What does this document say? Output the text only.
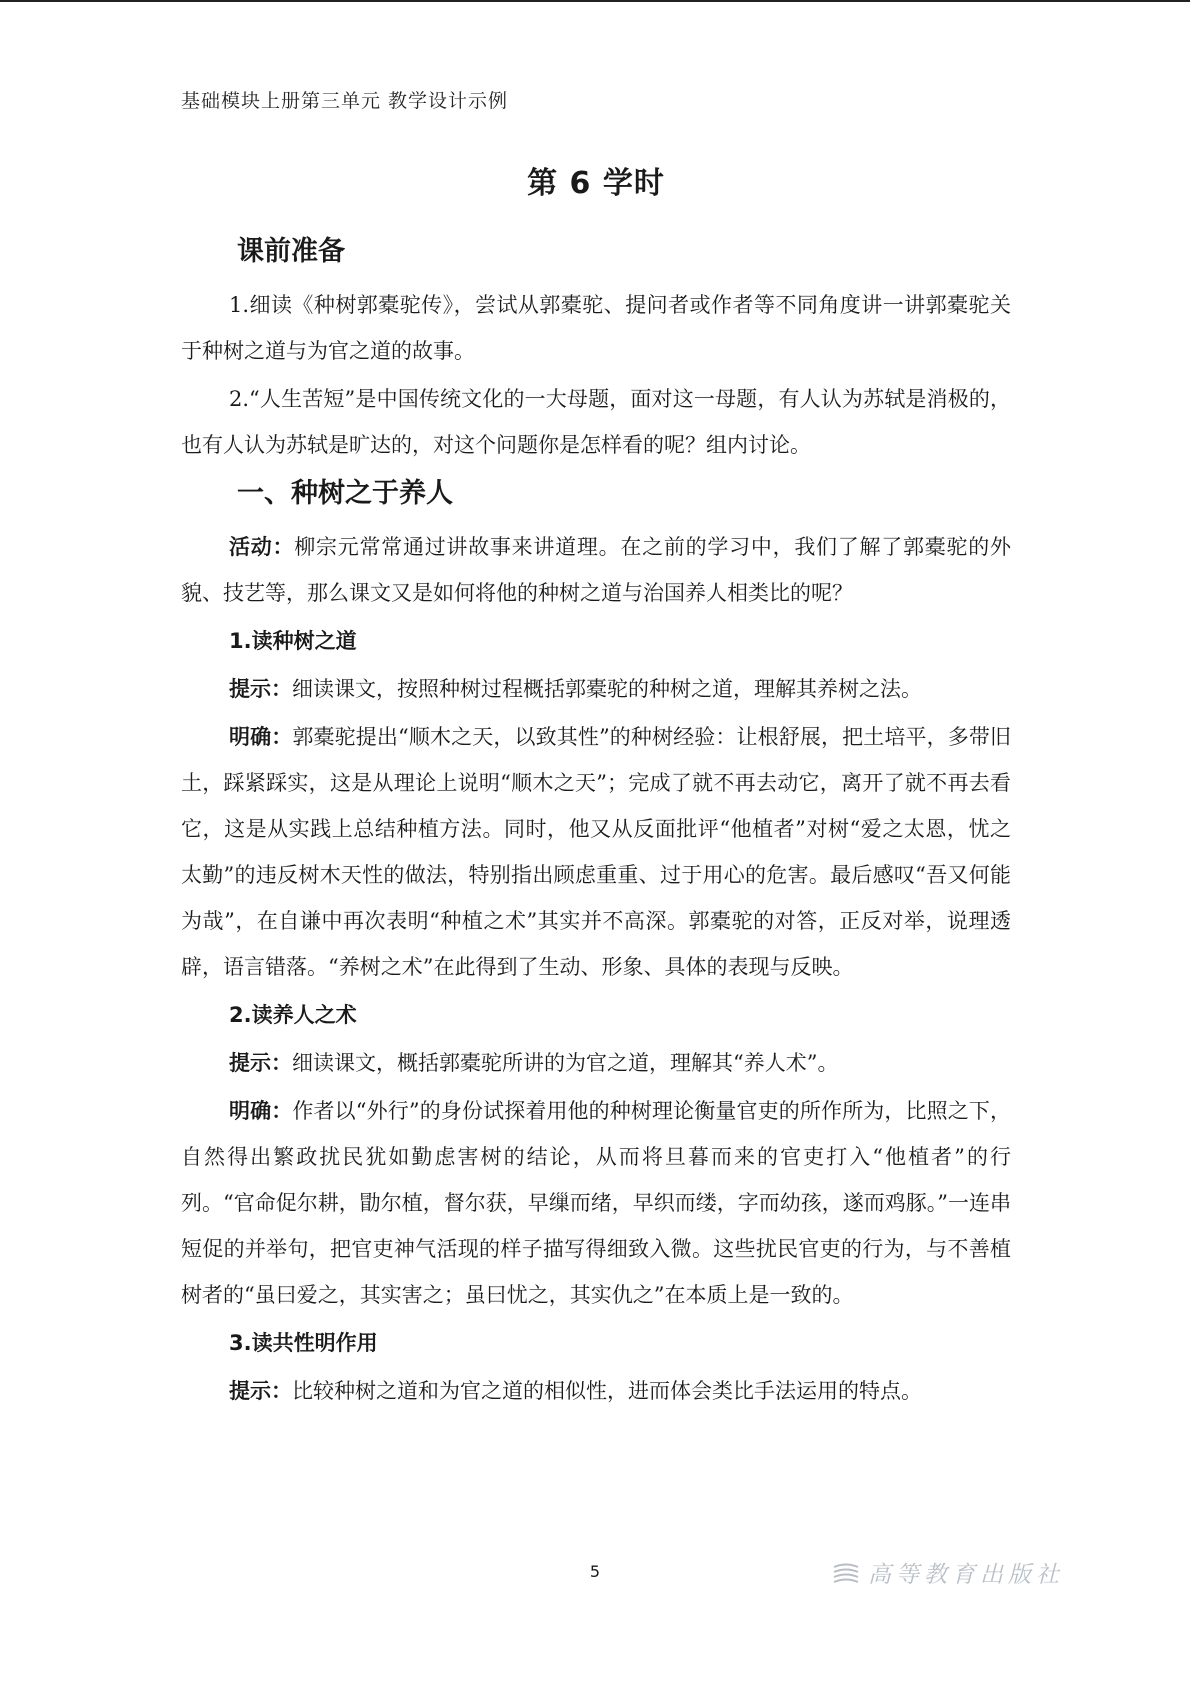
基础模块上册第三单元 教学设计示例
第 6 学时
课前准备

1.细读《种树郭橐驼传》，尝试从郭橐驼、提问者或作者等不同角度讲一讲郭橐驼关于种树之道与为官之道的故事。

2.“人生苦短”是中国传统文化的一大母题，面对这一母题，有人认为苏轼是消极的，也有人认为苏轼是旷达的，对这个问题你是怎样看的呢？组内讨论。

一、种树之于养人

活动：柳宗元常常通过讲故事来讲道理。在之前的学习中，我们了解了郭橐驼的外貌、技艺等，那么课文又是如何将他的种树之道与治国养人相类比的呢？

1.读种树之道

提示：细读课文，按照种树过程概括郭橐驼的种树之道，理解其养树之法。

明确：郭橐驼提出“顺木之天，以致其性”的种树经验：让根舒展，把土培平，多带旧土，踩紧踩实，这是从理论上说明“顺木之天”；完成了就不再去动它，离开了就不再去看它，这是从实践上总结种植方法。同时，他又从反面批评“他植者”对树“爱之太恩，忧之太勤”的违反树木天性的做法，特别指出顾虑重重、过于用心的危害。最后感叹“吾又何能为哉”，在自谦中再次表明“种植之术”其实并不高深。郭橐驼的对答，正反对举，说理透辟，语言错落。“养树之术”在此得到了生动、形象、具体的表现与反映。

2.读养人之术

提示：细读课文，概括郭橐驼所讲的为官之道，理解其“养人术”。

明确：作者以“外行”的身份试探着用他的种树理论衡量官吏的所作所为，比照之下，自然得出繁政扰民犹如勤虑害树的结论，从而将旦暮而来的官吏打入“他植者”的行列。“官命促尔耕，勖尔植，督尔获，早缫而绪，早织而缕，字而幼孩，遂而鸡豚。”一连串短促的并举句，把官吏神气活现的样子描写得细致入微。这些扰民官吏的行为，与不善植树者的“虽曰爱之，其实害之；虽曰忧之，其实仇之”在本质上是一致的。

3.读共性明作用

提示：比较种树之道和为官之道的相似性，进而体会类比手法运用的特点。

5	高等教育出版社
